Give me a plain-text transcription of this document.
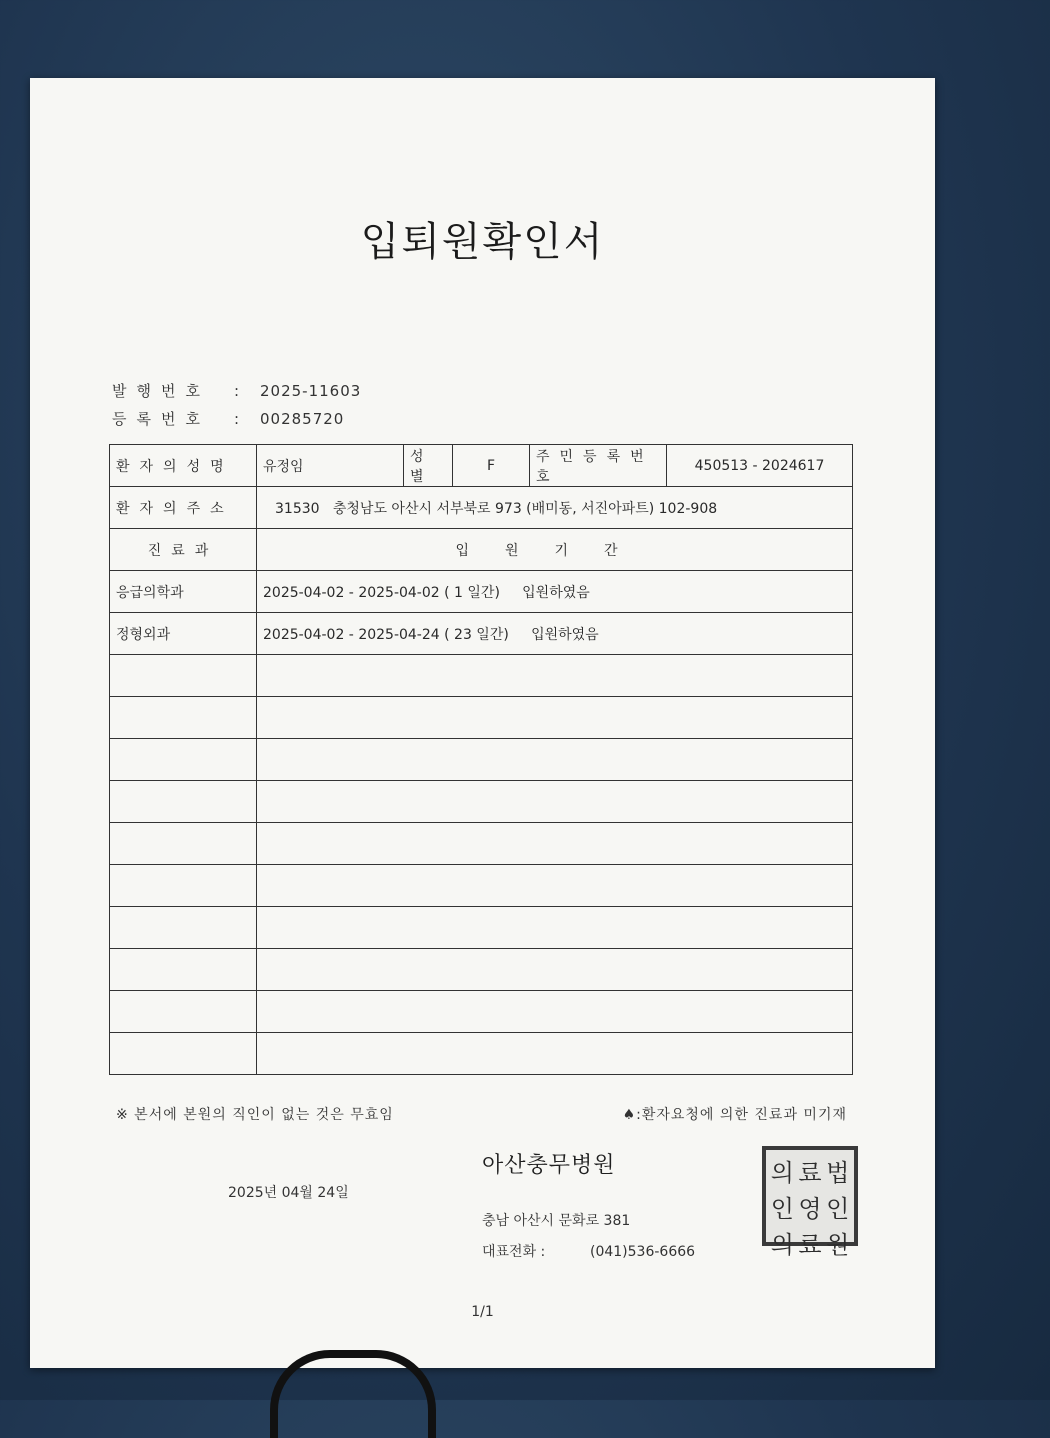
입퇴원확인서
발행번호 : 2025-11603
등록번호 : 00285720
환자의성명	유정임	성별	F	주민등록번호	450513 - 2024617
환자의주소	31530   충청남도 아산시 서부북로 973 (배미동, 서진아파트) 102-908				
진료과	입원기간				
응급의학과	2025-04-02 - 2025-04-02 ( 1 일간)     입원하였음				
정형외과	2025-04-02 - 2025-04-24 ( 23 일간)     입원하였음				

※ 본서에 본원의 직인이 없는 것은 무효임	♠:환자요청에 의한 진료과 미기재
아산충무병원
2025년 04월 24일
충남 아산시 문화로 381
대표전화 :	(041)536-6666
의 료 법
인 영 인
의 료 원
1/1
